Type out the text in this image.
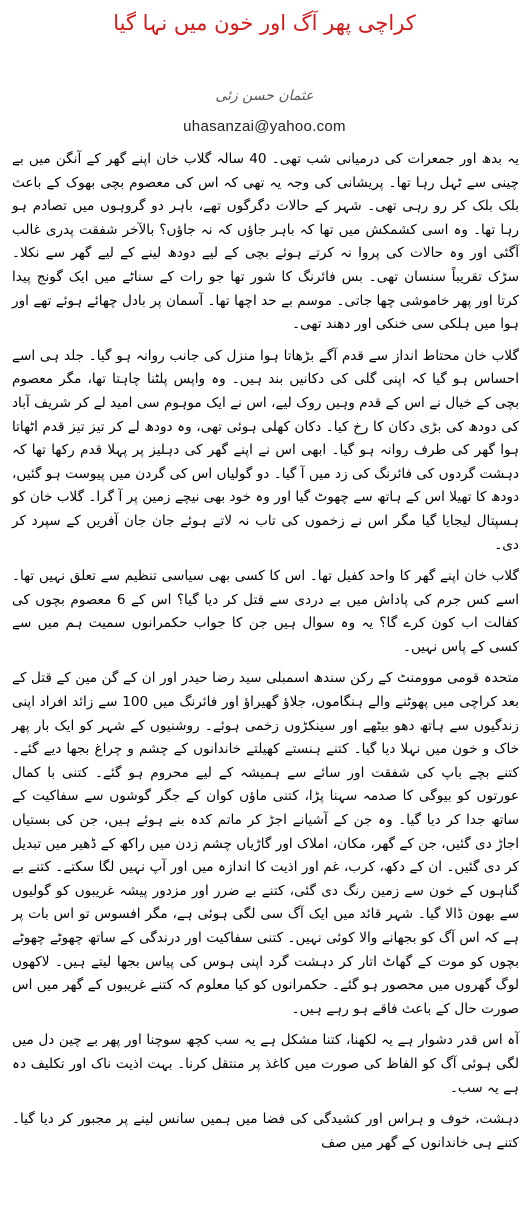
کراچی پھر آگ اور خون میں نہا گیا
عثمان حسن زئی
uhasanzai@yahoo.com

یہ بدھ اور جمعرات کی درمیانی شب تھی۔ 40 سالہ گلاب خان اپنے گھر کے آنگن میں بے چینی سے ٹہل رہا تھا۔ پریشانی کی وجہ یہ تھی کہ اس کی معصوم بچی بھوک کے باعث بلک بلک کر رو رہی تھی۔ شہر کے حالات دگرگوں تھے، باہر دو گروہوں میں تصادم ہو رہا تھا۔ وہ اسی کشمکش میں تھا کہ باہر جاؤں کہ نہ جاؤں؟ بالآخر شفقت پدری غالب آگئی اور وہ حالات کی پروا نہ کرتے ہوئے بچی کے لیے دودھ لینے کے لیے گھر سے نکلا۔ سڑک تقریباً سنسان تھی۔ بس فائرنگ کا شور تھا جو رات کے سناٹے میں ایک گونج پیدا کرتا اور پھر خاموشی چھا جاتی۔ موسم بے حد اچھا تھا۔ آسمان پر بادل چھائے ہوئے تھے اور ہوا میں ہلکی سی خنکی اور دھند تھی۔

گلاب خان محتاط انداز سے قدم آگے بڑھاتا ہوا منزل کی جانب روانہ ہو گیا۔ جلد ہی اسے احساس ہو گیا کہ اپنی گلی کی دکانیں بند ہیں۔ وہ واپس پلٹنا چاہتا تھا، مگر معصوم بچی کے خیال نے اس کے قدم وہیں روک لیے، اس نے ایک موہوم سی امید لے کر شریف آباد کی دودھ کی بڑی دکان کا رخ کیا۔ دکان کھلی ہوئی تھی، وہ دودھ لے کر تیز تیز قدم اٹھاتا ہوا گھر کی طرف روانہ ہو گیا۔ ابھی اس نے اپنے گھر کی دہلیز پر پہلا قدم رکھا تھا کہ دہشت گردوں کی فائرنگ کی زد میں آ گیا۔ دو گولیاں اس کی گردن میں پیوست ہو گئیں، دودھ کا تھیلا اس کے ہاتھ سے چھوٹ گیا اور وہ خود بھی نیچے زمین پر آ گرا۔ گلاب خان کو ہسپتال لیجایا گیا مگر اس نے زخموں کی تاب نہ لاتے ہوئے جان جان آفریں کے سپرد کر دی۔

گلاب خان اپنے گھر کا واحد کفیل تھا۔ اس کا کسی بھی سیاسی تنظیم سے تعلق نہیں تھا۔ اسے کس جرم کی پاداش میں بے دردی سے قتل کر دیا گیا؟ اس کے 6 معصوم بچوں کی کفالت اب کون کرے گا؟ یہ وہ سوال ہیں جن کا جواب حکمرانوں سمیت ہم میں سے کسی کے پاس نہیں۔

متحدہ قومی موومنٹ کے رکن سندھ اسمبلی سید رضا حیدر اور ان کے گن مین کے قتل کے بعد کراچی میں پھوٹنے والے ہنگاموں، جلاؤ گھیراؤ اور فائرنگ میں 100 سے زائد افراد اپنی زندگیوں سے ہاتھ دھو بیٹھے اور سینکڑوں زخمی ہوئے۔ روشنیوں کے شہر کو ایک بار پھر خاک و خون میں نہلا دیا گیا۔ کتنے ہنستے کھیلتے خاندانوں کے چشم و چراغ بجھا دیے گئے۔ کتنے بچے باپ کی شفقت اور سائے سے ہمیشہ کے لیے محروم ہو گئے۔ کتنی با کمال عورتوں کو بیوگی کا صدمہ سہنا پڑا، کتنی ماؤں کوان کے جگر گوشوں سے سفاکیت کے ساتھ جدا کر دیا گیا۔ وہ جن کے آشیانے اجڑ کر ماتم کدہ بنے ہوئے ہیں، جن کی بستیاں اجاڑ دی گئیں، جن کے گھر، مکان، املاک اور گاڑیاں چشم زدن میں راکھ کے ڈھیر میں تبدیل کر دی گئیں۔ ان کے دکھ، کرب، غم اور اذیت کا اندازہ میں اور آپ نہیں لگا سکتے۔ کتنے بے گناہوں کے خون سے زمین رنگ دی گئی، کتنے بے ضرر اور مزدور پیشہ غریبوں کو گولیوں سے بھون ڈالا گیا۔ شہر قائد میں ایک آگ سی لگی ہوئی ہے، مگر افسوس تو اس بات پر ہے کہ اس آگ کو بجھانے والا کوئی نہیں۔ کتنی سفاکیت اور درندگی کے ساتھ چھوٹے چھوٹے بچوں کو موت کے گھاٹ اتار کر دہشت گرد اپنی ہوس کی پیاس بجھا لیتے ہیں۔ لاکھوں لوگ گھروں میں محصور ہو گئے۔ حکمرانوں کو کیا معلوم کہ کتنے غریبوں کے گھر میں اس صورت حال کے باعث فاقے ہو رہے ہیں۔

آہ اس قدر دشوار ہے یہ لکھنا، کتنا مشکل ہے یہ سب کچھ سوچنا اور پھر بے چین دل میں لگی ہوئی آگ کو الفاظ کی صورت میں کاغذ پر منتقل کرنا۔ بہت اذیت ناک اور تکلیف دہ ہے یہ سب۔

دہشت، خوف و ہراس اور کشیدگی کی فضا میں ہمیں سانس لینے پر مجبور کر دیا گیا۔ کتنے ہی خاندانوں کے گھر میں صف
